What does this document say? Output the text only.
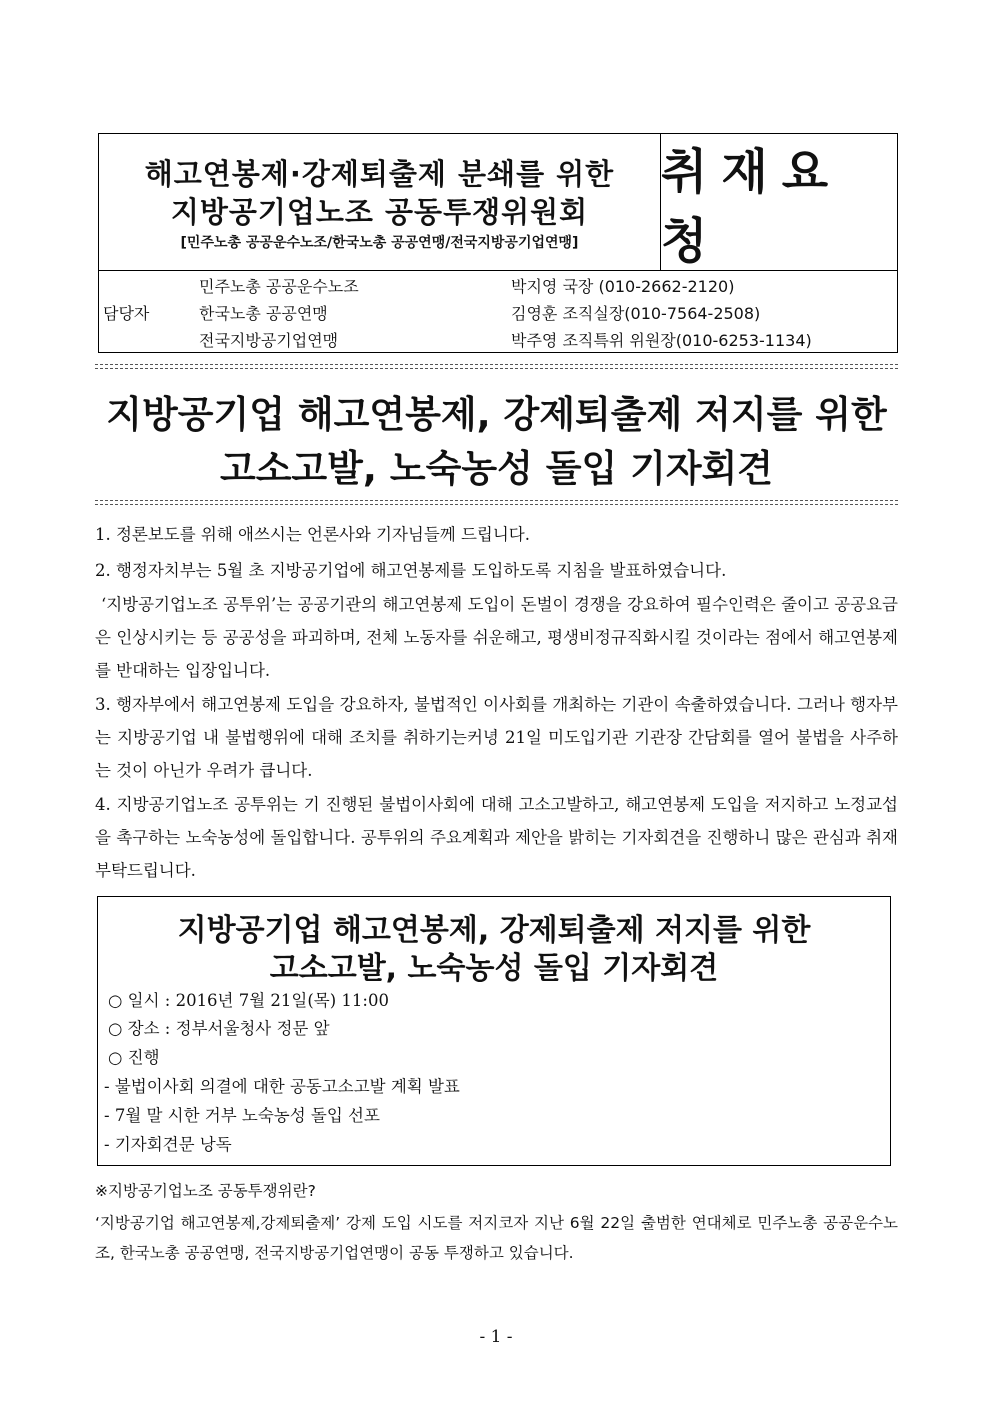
해고연봉제·강제퇴출제 분쇄를 위한
지방공기업노조 공동투쟁위원회
[민주노총 공공운수노조/한국노총 공공연맹/전국지방공기업연맹]
취재요청
담당자
민주노총 공공운수노조	박지영 국장 (010-2662-2120)
한국노총 공공연맹	김영훈 조직실장(010-7564-2508)
전국지방공기업연맹	박주영 조직특위 위원장(010-6253-1134)
지방공기업 해고연봉제, 강제퇴출제 저지를 위한
고소고발, 노숙농성 돌입 기자회견
1. 정론보도를 위해 애쓰시는 언론사와 기자님들께 드립니다.
2. 행정자치부는 5월 초 지방공기업에 해고연봉제를 도입하도록 지침을 발표하였습니다.
‘지방공기업노조 공투위’는 공공기관의 해고연봉제 도입이 돈벌이 경쟁을 강요하여 필수인력은 줄이고 공공요금은 인상시키는 등 공공성을 파괴하며, 전체 노동자를 쉬운해고, 평생비정규직화시킬 것이라는 점에서 해고연봉제를 반대하는 입장입니다.
3. 행자부에서 해고연봉제 도입을 강요하자, 불법적인 이사회를 개최하는 기관이 속출하였습니다. 그러나 행자부는 지방공기업 내 불법행위에 대해 조치를 취하기는커녕 21일 미도입기관 기관장 간담회를 열어 불법을 사주하는 것이 아닌가 우려가 큽니다.
4. 지방공기업노조 공투위는 기 진행된 불법이사회에 대해 고소고발하고, 해고연봉제 도입을 저지하고 노정교섭을 촉구하는 노숙농성에 돌입합니다. 공투위의 주요계획과 제안을 밝히는 기자회견을 진행하니 많은 관심과 취재 부탁드립니다.
지방공기업 해고연봉제, 강제퇴출제 저지를 위한
고소고발, 노숙농성 돌입 기자회견
○ 일시 : 2016년 7월 21일(목) 11:00
○ 장소 : 정부서울청사 정문 앞
○ 진행
- 불법이사회 의결에 대한 공동고소고발 계획 발표
- 7월 말 시한 거부 노숙농성 돌입 선포
- 기자회견문 낭독
※지방공기업노조 공동투쟁위란?
‘지방공기업 해고연봉제,강제퇴출제’ 강제 도입 시도를 저지코자 지난 6월 22일 출범한 연대체로 민주노총 공공운수노조, 한국노총 공공연맹, 전국지방공기업연맹이 공동 투쟁하고 있습니다.
- 1 -
